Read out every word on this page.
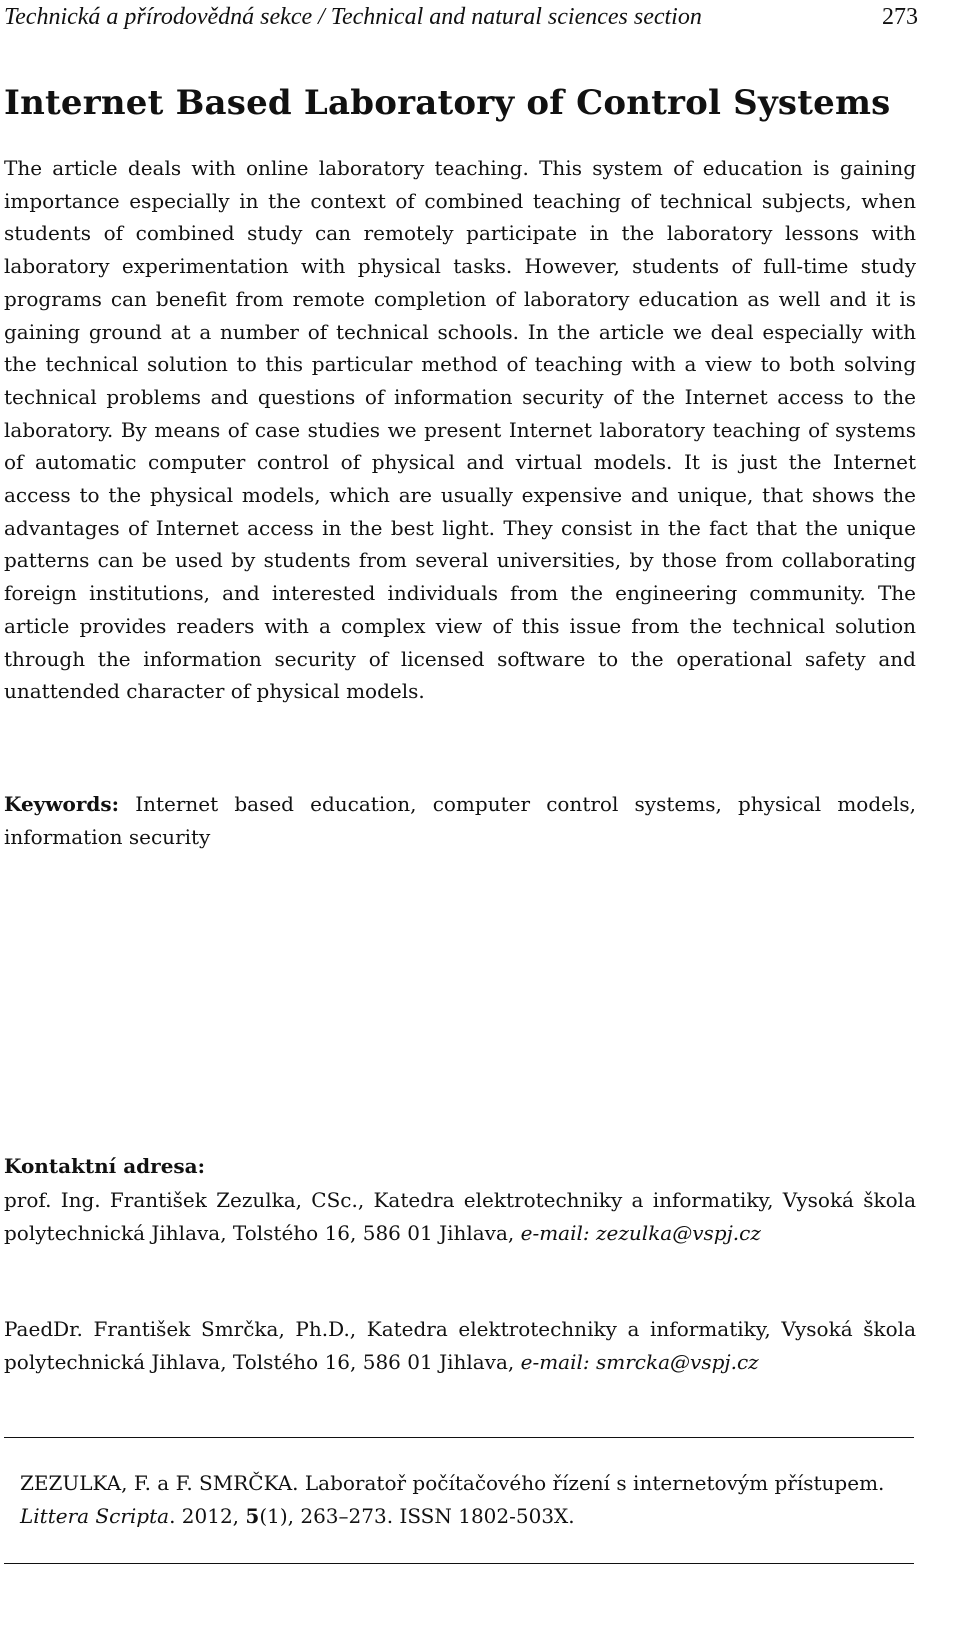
Technická a přírodovědná sekce / Technical and natural sciences section	273
Internet Based Laboratory of Control Systems

The article deals with online laboratory teaching. This system of education is gaining importance especially in the context of combined teaching of technical subjects, when students of combined study can remotely participate in the laboratory lessons with laboratory experimentation with physical tasks. However, students of full-time study programs can benefit from remote completion of laboratory education as well and it is gaining ground at a number of technical schools. In the article we deal especially with the technical solution to this particular method of teaching with a view to both solving technical problems and questions of information security of the Internet access to the laboratory. By means of case studies we present Internet laboratory teaching of systems of automatic computer control of physical and virtual models. It is just the Internet access to the physical models, which are usually expensive and unique, that shows the advantages of Internet access in the best light. They consist in the fact that the unique patterns can be used by students from several universities, by those from collaborating foreign institutions, and interested individuals from the engineering community. The article provides readers with a complex view of this issue from the technical solution through the information security of licensed software to the operational safety and unattended character of physical models.

Keywords: Internet based education, computer control systems, physical models, information security

Kontaktní adresa:

prof. Ing. František Zezulka, CSc., Katedra elektrotechniky a informatiky, Vysoká škola polytechnická Jihlava, Tolstého 16, 586 01 Jihlava, e-mail: zezulka@vspj.cz

PaedDr. František Smrčka, Ph.D., Katedra elektrotechniky a informatiky, Vysoká škola polytechnická Jihlava, Tolstého 16, 586 01 Jihlava, e-mail: smrcka@vspj.cz

ZEZULKA, F. a F. SMRČKA. Laboratoř počítačového řízení s internetovým přístupem. Littera Scripta. 2012, 5(1), 263–273. ISSN 1802-503X.
